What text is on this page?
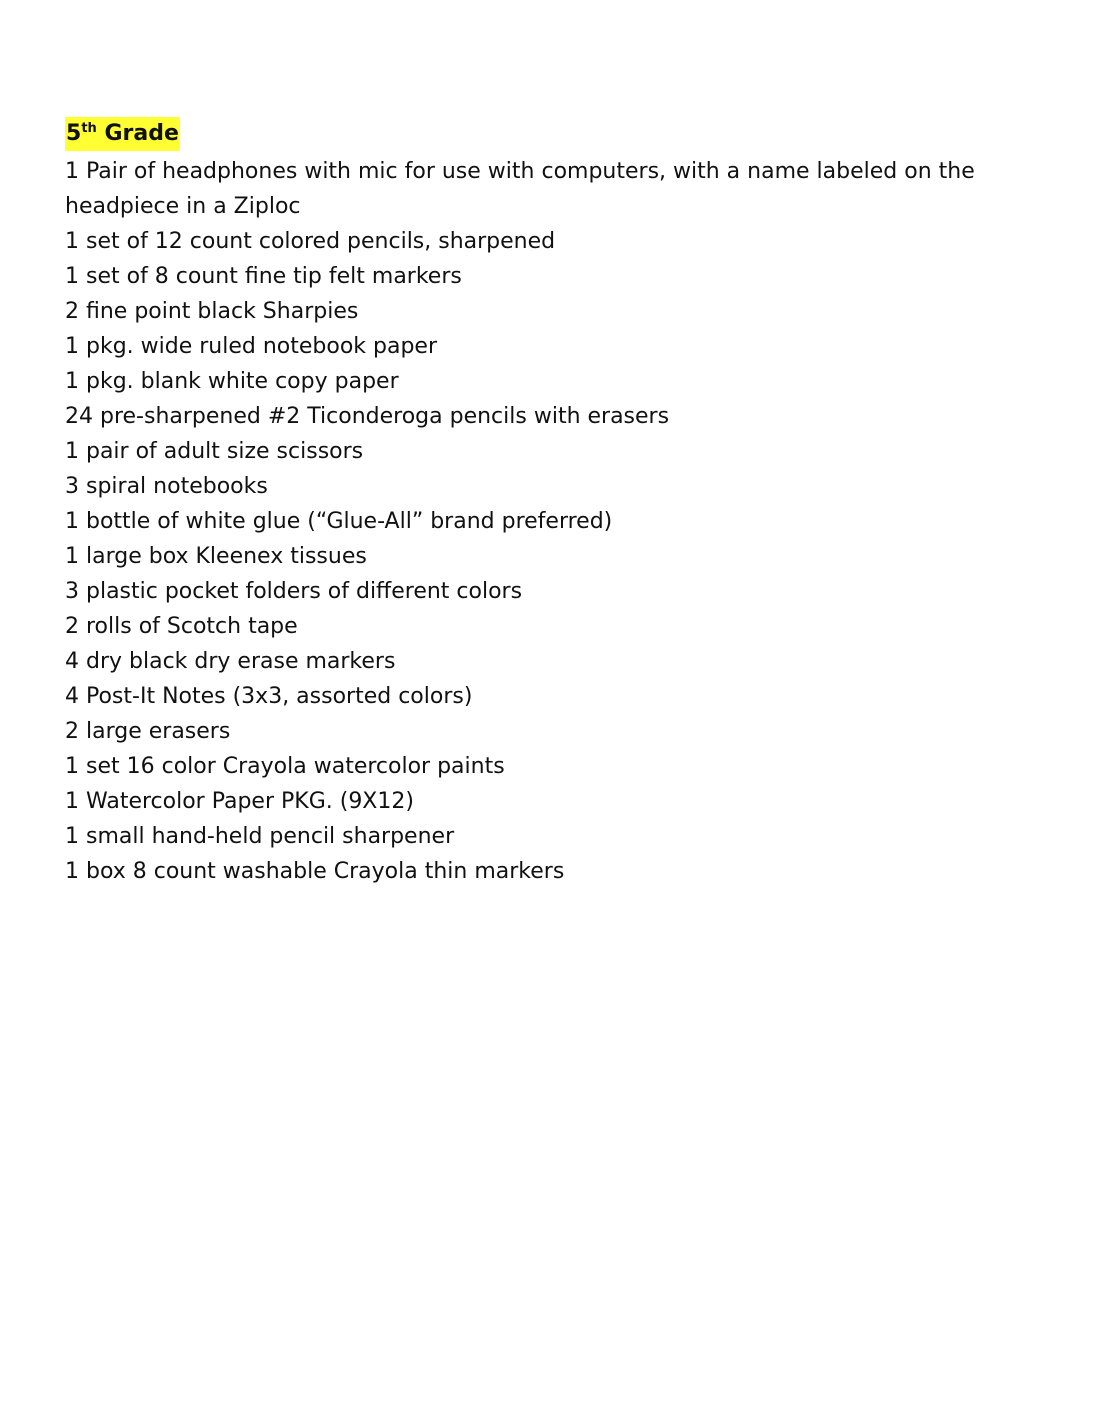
5th Grade
1 Pair of headphones with mic for use with computers, with a name labeled on the headpiece in a Ziploc
1 set of 12 count colored pencils, sharpened
1 set of 8 count fine tip felt markers
2 fine point black Sharpies
1 pkg. wide ruled notebook paper
1 pkg. blank white copy paper
24 pre-sharpened #2 Ticonderoga pencils with erasers
1 pair of adult size scissors
3 spiral notebooks
1 bottle of white glue (“Glue-All” brand preferred)
1 large box Kleenex tissues
3 plastic pocket folders of different colors
2 rolls of Scotch tape
4 dry black dry erase markers
4 Post-It Notes (3x3, assorted colors)
2 large erasers
1 set 16 color Crayola watercolor paints
1 Watercolor Paper PKG. (9X12)
1 small hand-held pencil sharpener
1 box 8 count washable Crayola thin markers
